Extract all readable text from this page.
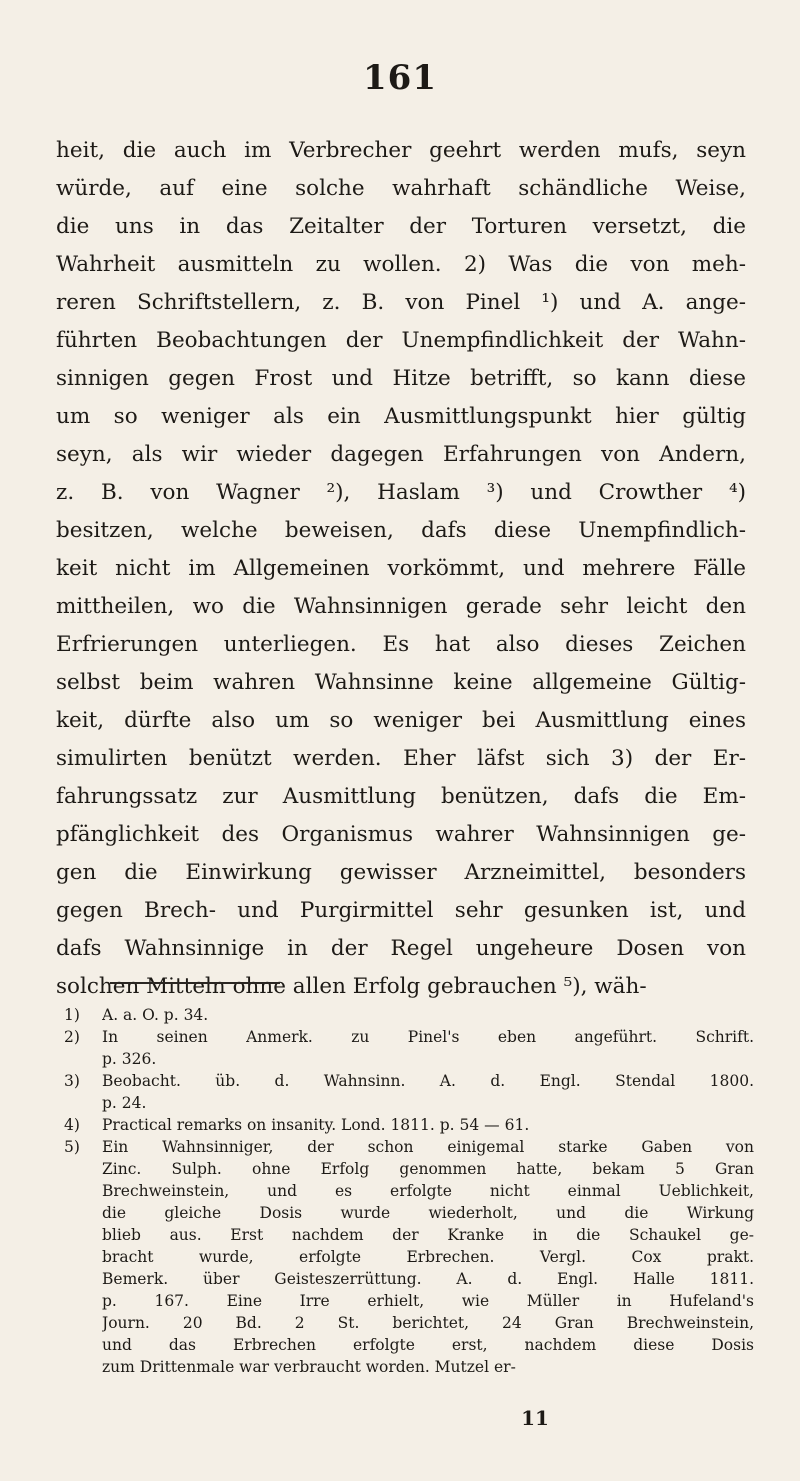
161
heit, die auch im Verbrecher geehrt werden mufs, seyn
würde, auf eine solche wahrhaft schändliche Weise,
die uns in das Zeitalter der Torturen versetzt, die
Wahrheit ausmitteln zu wollen. 2) Was die von meh-
reren Schriftstellern, z. B. von Pinel ¹) und A. ange-
führten Beobachtungen der Unempfindlichkeit der Wahn-
sinnigen gegen Frost und Hitze betrifft, so kann diese
um so weniger als ein Ausmittlungspunkt hier gültig
seyn, als wir wieder dagegen Erfahrungen von Andern,
z. B. von Wagner ²), Haslam ³) und Crowther ⁴)
besitzen, welche beweisen, dafs diese Unempfindlich-
keit nicht im Allgemeinen vorkömmt, und mehrere Fälle
mittheilen, wo die Wahnsinnigen gerade sehr leicht den
Erfrierungen unterliegen. Es hat also dieses Zeichen
selbst beim wahren Wahnsinne keine allgemeine Gültig-
keit, dürfte also um so weniger bei Ausmittlung eines
simulirten benützt werden. Eher läfst sich 3) der Er-
fahrungssatz zur Ausmittlung benützen, dafs die Em-
pfänglichkeit des Organismus wahrer Wahnsinnigen ge-
gen die Einwirkung gewisser Arzneimittel, besonders
gegen Brech- und Purgirmittel sehr gesunken ist, und
dafs Wahnsinnige in der Regel ungeheure Dosen von
solchen Mitteln ohne allen Erfolg gebrauchen ⁵), wäh-
1)	A. a. O. p. 34.
2)	In seinen Anmerk. zu Pinel's eben angeführt. Schrift.
p. 326.
3)	Beobacht. üb. d. Wahnsinn. A. d. Engl. Stendal 1800.
p. 24.
4)	Practical remarks on insanity. Lond. 1811. p. 54 — 61.
5)	Ein Wahnsinniger, der schon einigemal starke Gaben von
Zinc. Sulph. ohne Erfolg genommen hatte, bekam 5 Gran
Brechweinstein, und es erfolgte nicht einmal Ueblichkeit,
die gleiche Dosis wurde wiederholt, und die Wirkung
blieb aus. Erst nachdem der Kranke in die Schaukel ge-
bracht wurde, erfolgte Erbrechen. Vergl. Cox prakt.
Bemerk. über Geisteszerrüttung. A. d. Engl. Halle 1811.
p. 167. Eine Irre erhielt, wie Müller in Hufeland's
Journ. 20 Bd. 2 St. berichtet, 24 Gran Brechweinstein,
und das Erbrechen erfolgte erst, nachdem diese Dosis
zum Drittenmale war verbraucht worden. Mutzel er-
11
